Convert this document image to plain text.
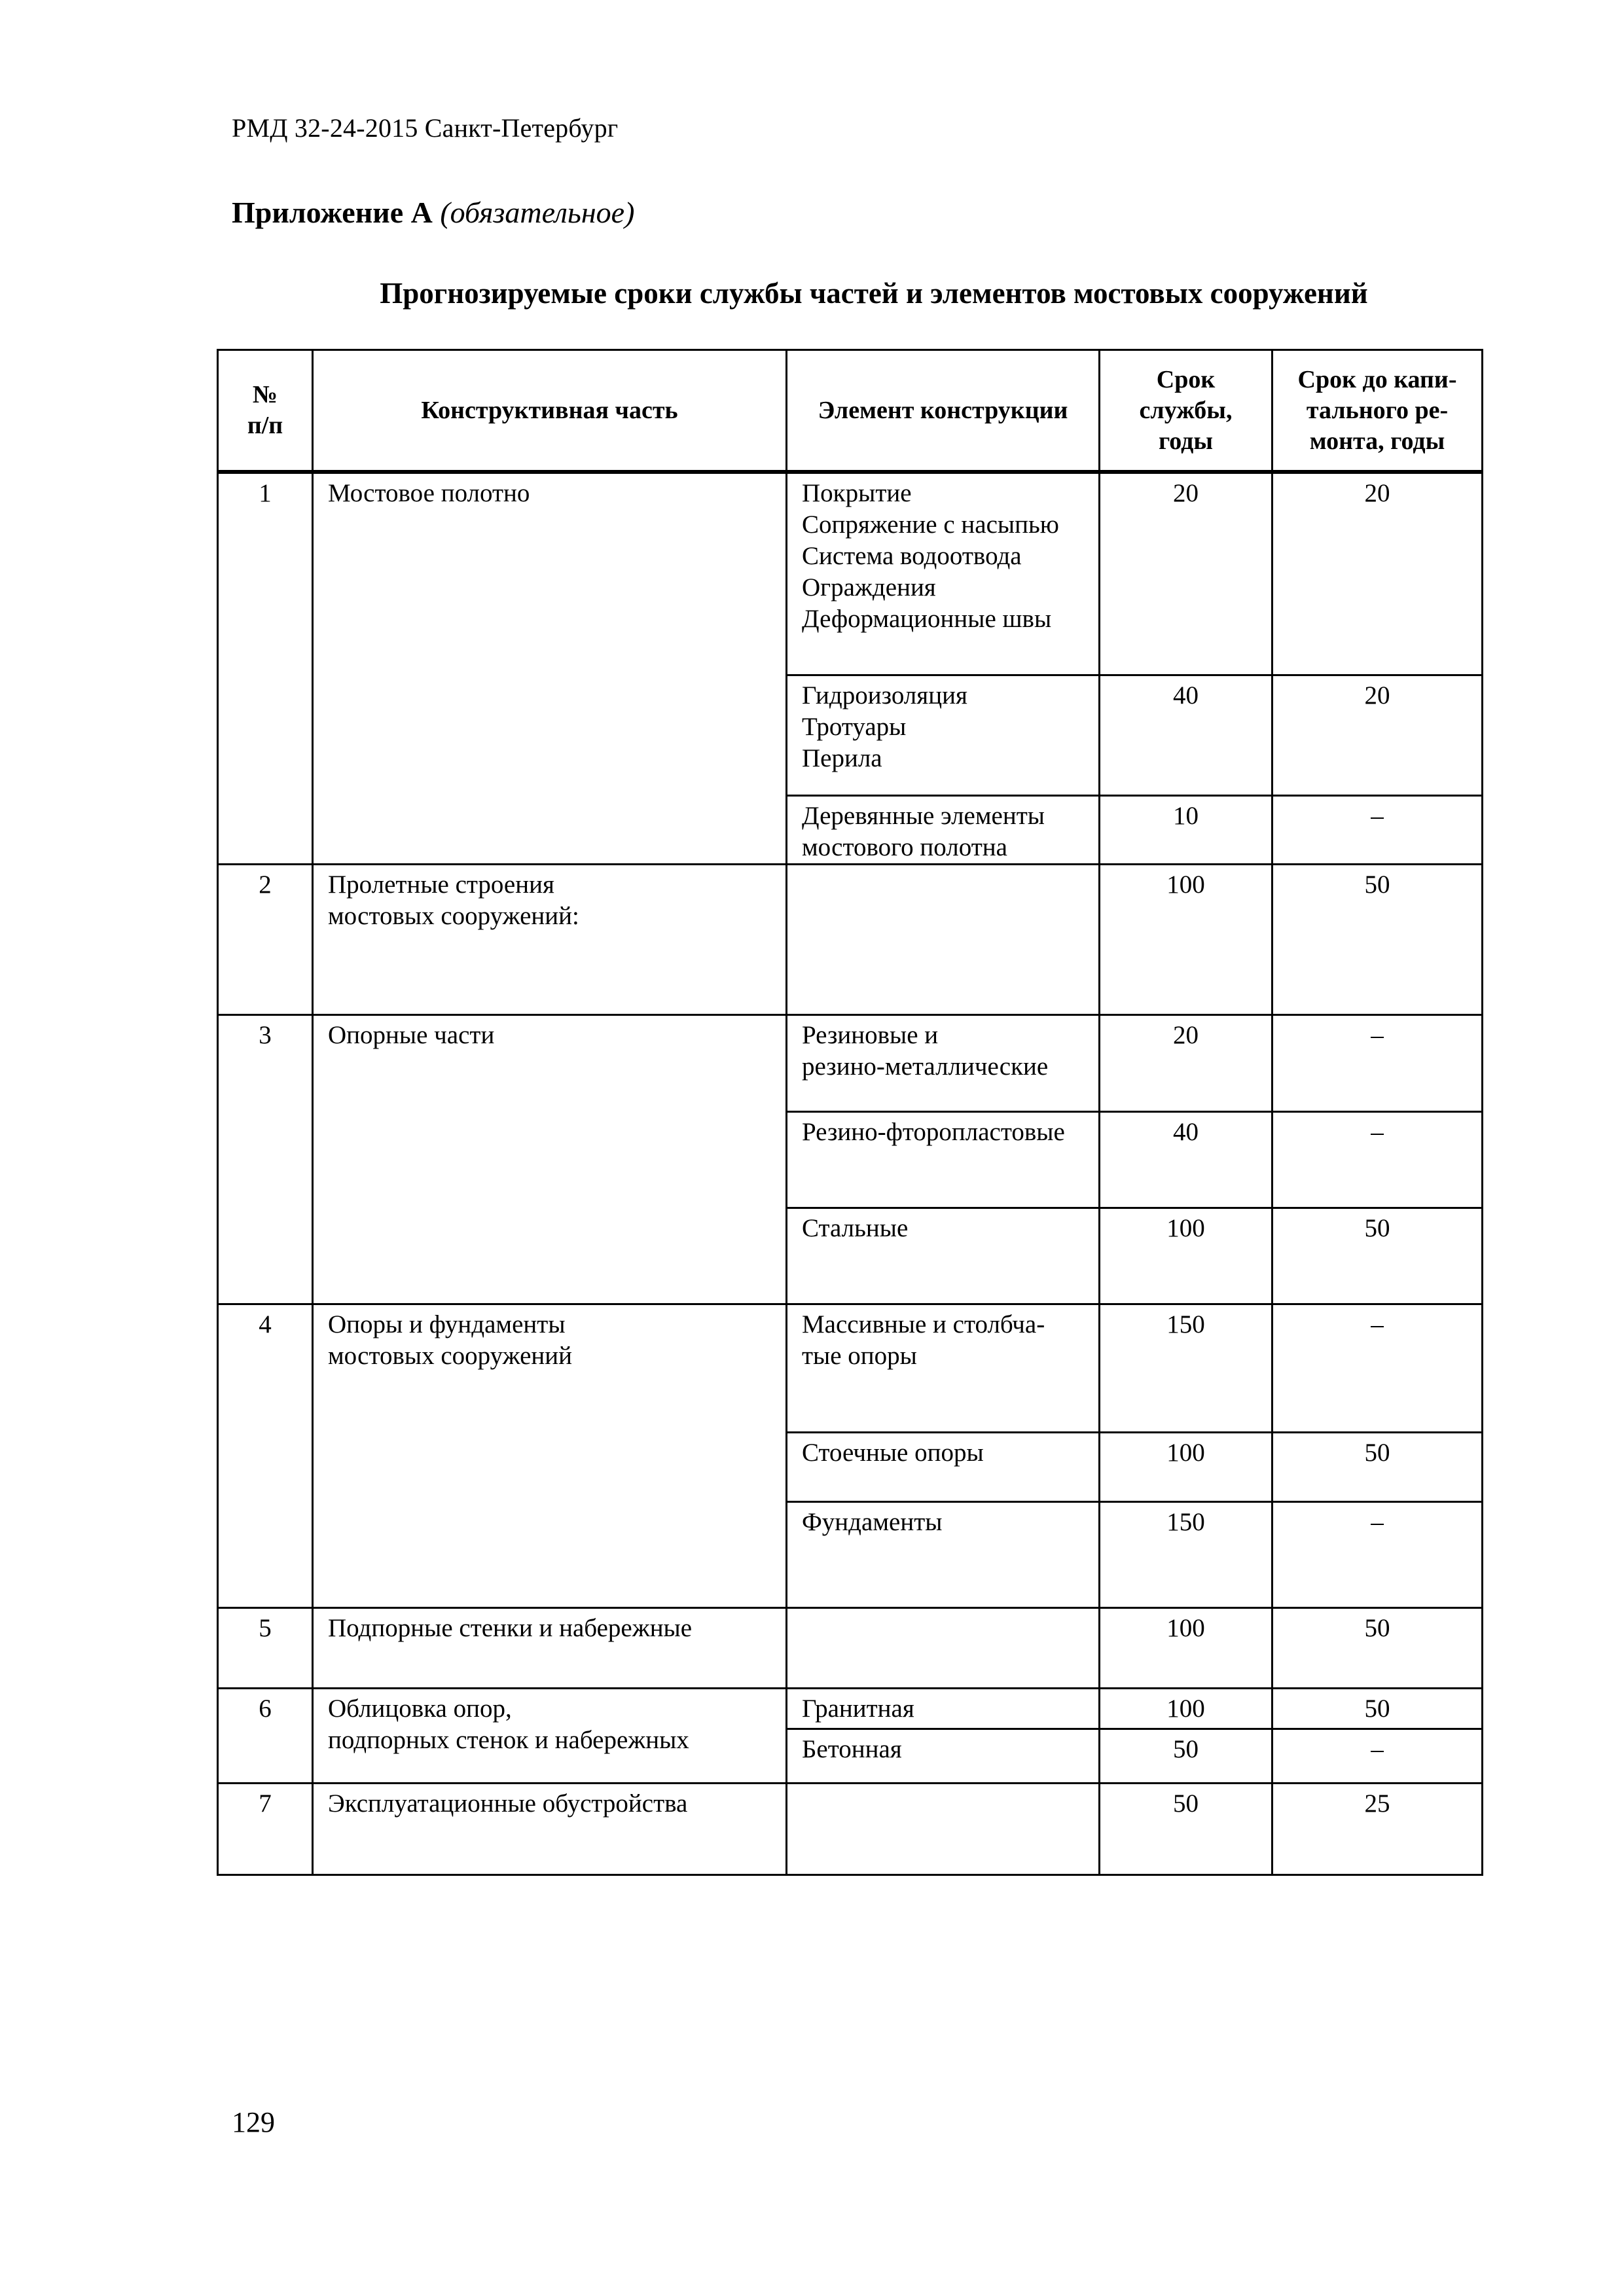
РМД 32-24-2015 Санкт-Петербург
Приложение А (обязательное)
Прогнозируемые сроки службы частей и элементов мостовых сооружений
№
п/п	Конструктивная часть	Элемент конструкции	Срок
службы,
годы	Срок до капи-
тального ре-
монта, годы
1	Мостовое полотно	Покрытие
Сопряжение с насыпью
Система водоотвода
Ограждения
Деформационные швы	20	20
		Гидроизоляция
Тротуары
Перила	40	20
		Деревянные элементы
мостового полотна	10	–
2	Пролетные строения
мостовых сооружений:		100	50
3	Опорные части	Резиновые и
резино-металлические	20	–
		Резино-фторопластовые	40	–
		Стальные	100	50
4	Опоры и фундаменты
мостовых сооружений	Массивные и столбча-
тые опоры	150	–
		Стоечные опоры	100	50
		Фундаменты	150	–
5	Подпорные стенки и набережные		100	50
6	Облицовка опор,
подпорных стенок и набережных	Гранитная	100	50
		Бетонная	50	–
7	Эксплуатационные обустройства		50	25
129
